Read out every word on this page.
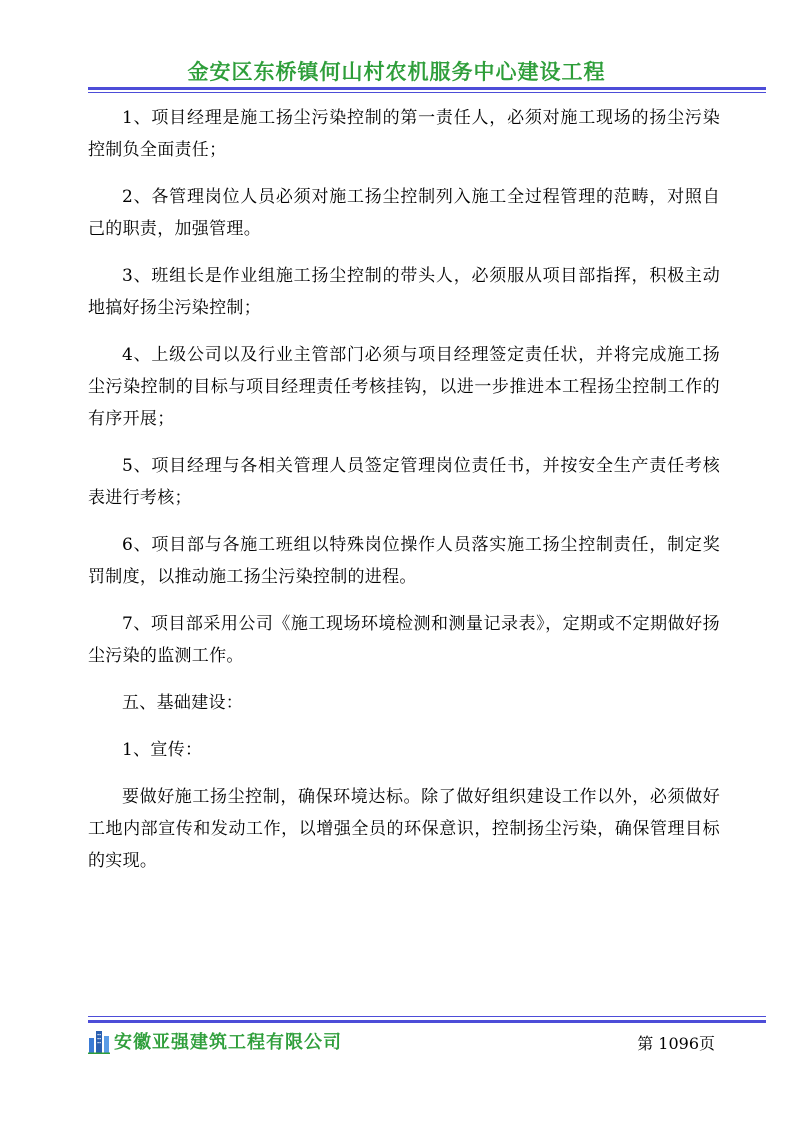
金安区东桥镇何山村农机服务中心建设工程

1、项目经理是施工扬尘污染控制的第一责任人，必须对施工现场的扬尘污染控制负全面责任；

2、各管理岗位人员必须对施工扬尘控制列入施工全过程管理的范畴，对照自己的职责，加强管理。

3、班组长是作业组施工扬尘控制的带头人，必须服从项目部指挥，积极主动地搞好扬尘污染控制；

4、上级公司以及行业主管部门必须与项目经理签定责任状，并将完成施工扬尘污染控制的目标与项目经理责任考核挂钩，以进一步推进本工程扬尘控制工作的有序开展；

5、项目经理与各相关管理人员签定管理岗位责任书，并按安全生产责任考核表进行考核；

6、项目部与各施工班组以特殊岗位操作人员落实施工扬尘控制责任，制定奖罚制度，以推动施工扬尘污染控制的进程。

7、项目部采用公司《施工现场环境检测和测量记录表》，定期或不定期做好扬尘污染的监测工作。

五、基础建设：

1、宣传：

要做好施工扬尘控制，确保环境达标。除了做好组织建设工作以外，必须做好工地内部宣传和发动工作，以增强全员的环保意识，控制扬尘污染，确保管理目标的实现。

安徽亚强建筑工程有限公司	第 1096页
